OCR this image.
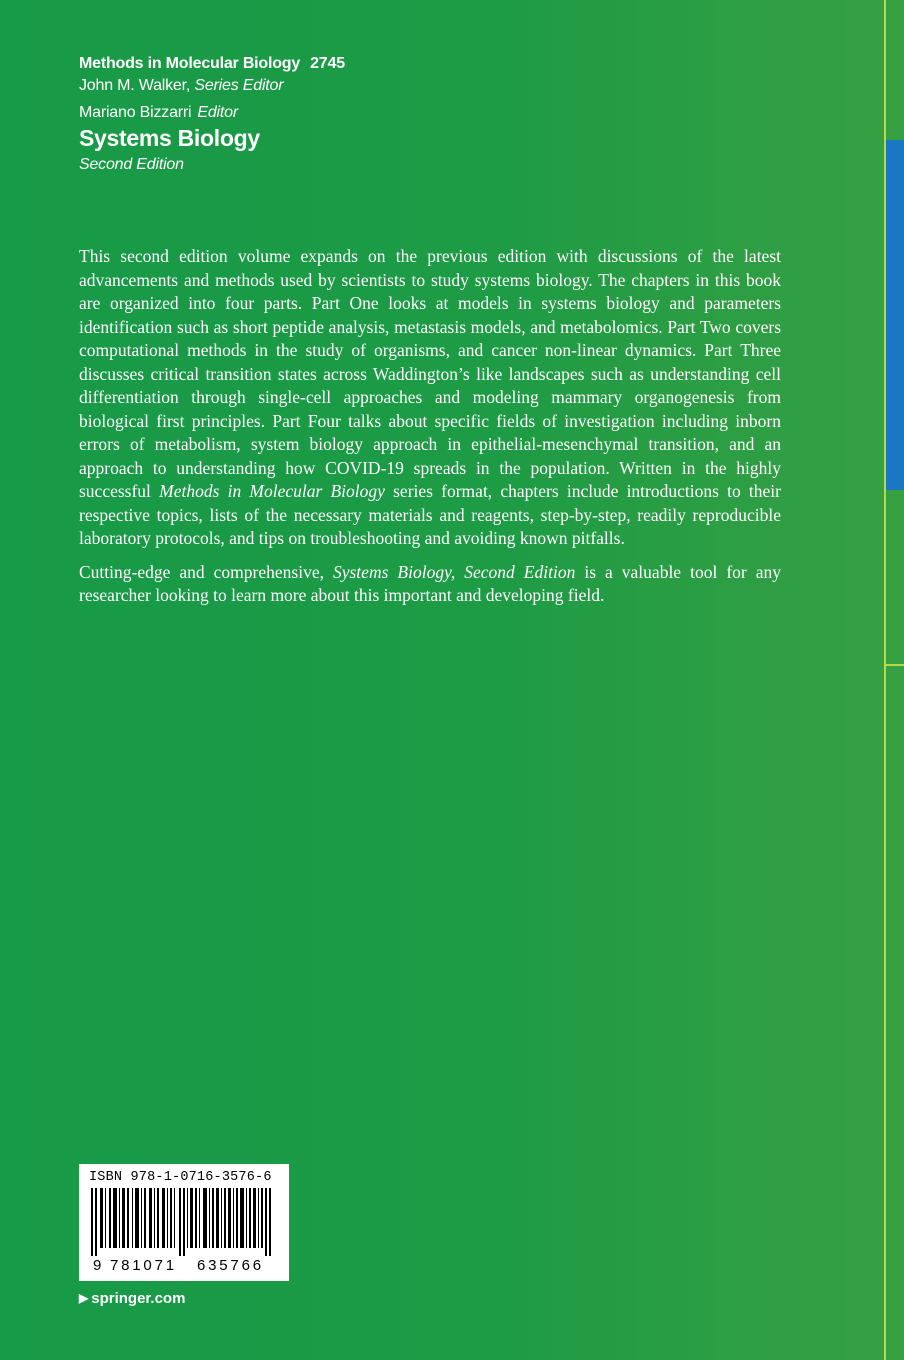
Methods in Molecular Biology 2745
John M. Walker, Series Editor
Mariano Bizzarri Editor
Systems Biology
Second Edition

This second edition volume expands on the previous edition with discussions of the latest advancements and methods used by scientists to study systems biology. The chapters in this book are organized into four parts. Part One looks at models in systems biology and parameters identification such as short peptide analysis, metastasis models, and metabolomics. Part Two covers computational methods in the study of organisms, and cancer non-linear dynamics. Part Three discusses critical transition states across Waddington’s like landscapes such as understanding cell differentiation through single-cell approaches and modeling mammary organogenesis from biological first principles. Part Four talks about specific fields of investigation including inborn errors of metabolism, system biology approach in epithelial-mesenchymal transition, and an approach to understanding how COVID-19 spreads in the population. Written in the highly successful Methods in Molecular Biology series format, chapters include introductions to their respective topics, lists of the necessary materials and reagents, step-by-step, readily reproducible laboratory protocols, and tips on troubleshooting and avoiding known pitfalls.

Cutting-edge and comprehensive, Systems Biology, Second Edition is a valuable tool for any researcher looking to learn more about this important and developing field.

ISBN 978-1-0716-3576-6
9 781071 635766
▶ springer.com
